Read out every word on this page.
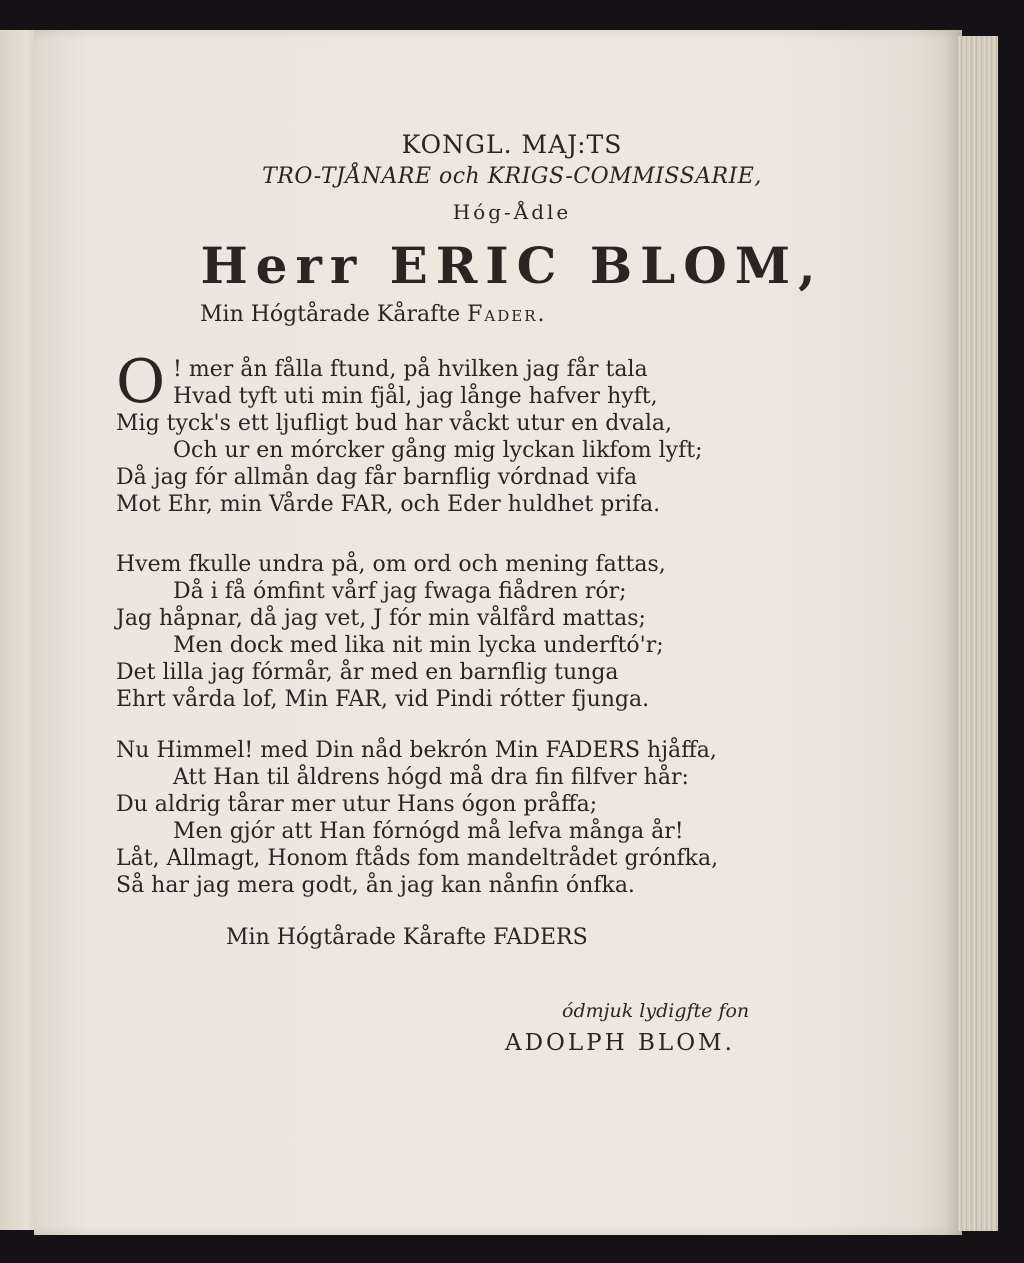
KONGL. MAJ:TS
TRO-TJÅNARE och KRIGS-COMMISSARIE,
Hóg-Ådle
Herr ERIC BLOM,
Min Hógtårade Kårafte Fader.
O ! mer ån fålla ftund, på hvilken jag får tala
Hvad tyft uti min fjål, jag långe hafver hyft,
Mig tyck's ett ljufligt bud har våckt utur en dvala,
Och ur en mórcker gång mig lyckan likfom lyft;
Då jag fór allmån dag får barnflig vórdnad vifa
Mot Ehr, min Vårde FAR, och Eder huldhet prifa.
Hvem fkulle undra på, om ord och mening fattas,
Då i få ómfint vårf jag fwaga fiådren rór;
Jag håpnar, då jag vet, J fór min vålfård mattas;
Men dock med lika nit min lycka underftó'r;
Det lilla jag fórmår, år med en barnflig tunga
Ehrt vårda lof, Min FAR, vid Pindi rótter fjunga.
Nu Himmel! med Din nåd bekrón Min FADERS hjåffa,
Att Han til åldrens hógd må dra fin filfver hår:
Du aldrig tårar mer utur Hans ógon pråffa;
Men gjór att Han fórnógd må lefva många år!
Låt, Allmagt, Honom ftåds fom mandeltrådet grónfka,
Så har jag mera godt, ån jag kan nånfin ónfka.
Min Hógtårade Kårafte FADERS
ódmjuk lydigfte fon
ADOLPH BLOM.
